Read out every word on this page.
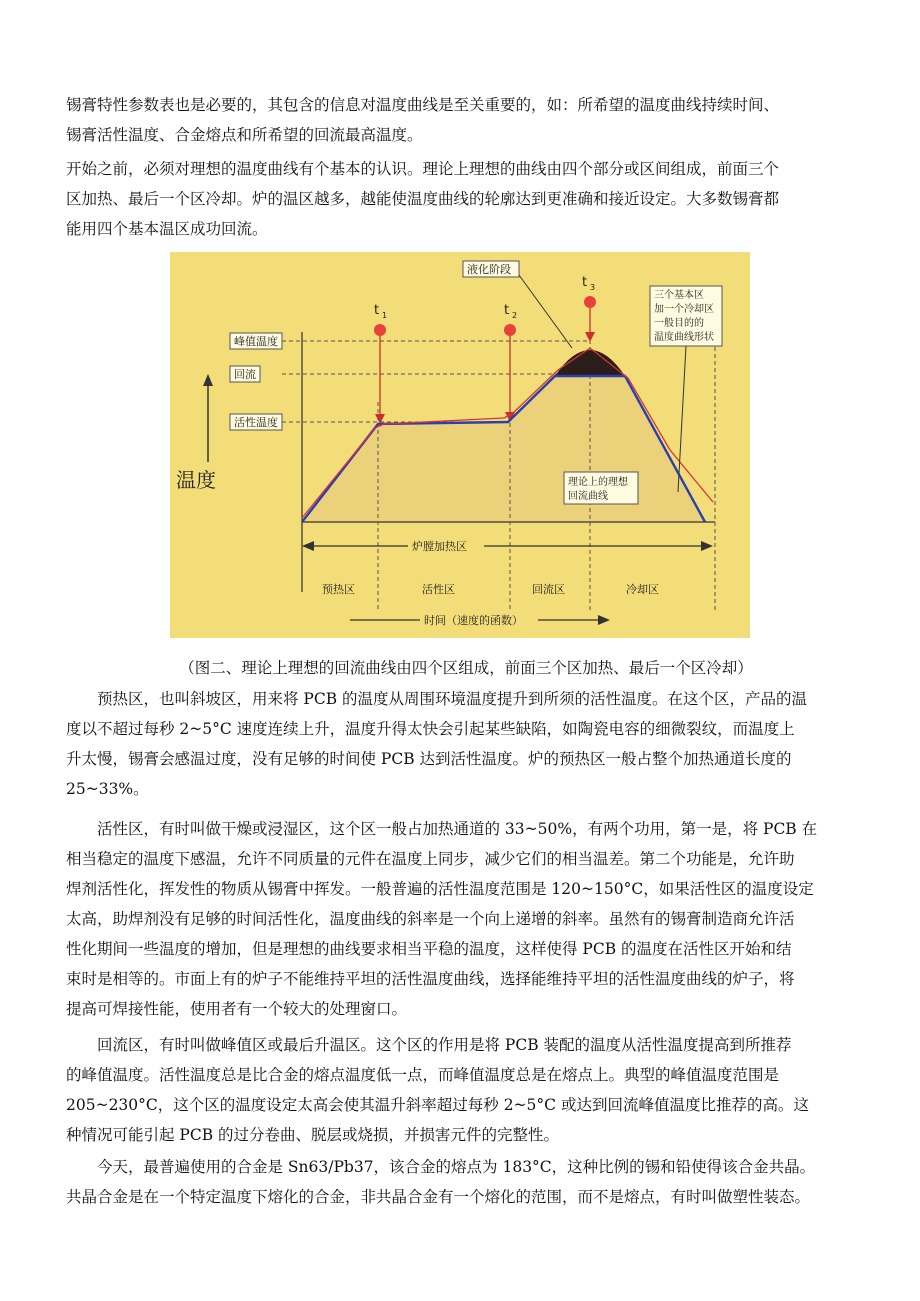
锡膏特性参数表也是必要的，其包含的信息对温度曲线是至关重要的，如：所希望的温度曲线持续时间、
锡膏活性温度、合金熔点和所希望的回流最高温度。
开始之前，必须对理想的温度曲线有个基本的认识。理论上理想的曲线由四个部分或区间组成，前面三个
区加热、最后一个区冷却。炉的温区越多，越能使温度曲线的轮廓达到更准确和接近设定。大多数锡膏都
能用四个基本温区成功回流。
峰值温度
回流
活性温度
温度
液化阶段
t 1	t 2
t 3
三个基本区
加一个冷却区
一般目的的
温度曲线形状
理论上的理想
回流曲线
炉膛加热区
预热区	活性区	回流区	冷却区
时间（速度的函数）
（图二、理论上理想的回流曲线由四个区组成，前面三个区加热、最后一个区冷却）
　　预热区，也叫斜坡区，用来将 PCB 的温度从周围环境温度提升到所须的活性温度。在这个区，产品的温
度以不超过每秒 2~5°C 速度连续上升，温度升得太快会引起某些缺陷，如陶瓷电容的细微裂纹，而温度上
升太慢，锡膏会感温过度，没有足够的时间使 PCB 达到活性温度。炉的预热区一般占整个加热通道长度的
25~33%。
　　活性区，有时叫做干燥或浸湿区，这个区一般占加热通道的 33~50%，有两个功用，第一是，将 PCB 在
相当稳定的温度下感温，允许不同质量的元件在温度上同步，减少它们的相当温差。第二个功能是，允许助
焊剂活性化，挥发性的物质从锡膏中挥发。一般普遍的活性温度范围是 120~150°C，如果活性区的温度设定
太高，助焊剂没有足够的时间活性化，温度曲线的斜率是一个向上递增的斜率。虽然有的锡膏制造商允许活
性化期间一些温度的增加，但是理想的曲线要求相当平稳的温度，这样使得 PCB 的温度在活性区开始和结
束时是相等的。市面上有的炉子不能维持平坦的活性温度曲线，选择能维持平坦的活性温度曲线的炉子，将
提高可焊接性能，使用者有一个较大的处理窗口。
　　回流区，有时叫做峰值区或最后升温区。这个区的作用是将 PCB 装配的温度从活性温度提高到所推荐
的峰值温度。活性温度总是比合金的熔点温度低一点，而峰值温度总是在熔点上。典型的峰值温度范围是
205~230°C，这个区的温度设定太高会使其温升斜率超过每秒 2~5°C 或达到回流峰值温度比推荐的高。这
种情况可能引起 PCB 的过分卷曲、脱层或烧损，并损害元件的完整性。
　　今天，最普遍使用的合金是 Sn63/Pb37，该合金的熔点为 183°C，这种比例的锡和铅使得该合金共晶。
共晶合金是在一个特定温度下熔化的合金，非共晶合金有一个熔化的范围，而不是熔点，有时叫做塑性装态。
